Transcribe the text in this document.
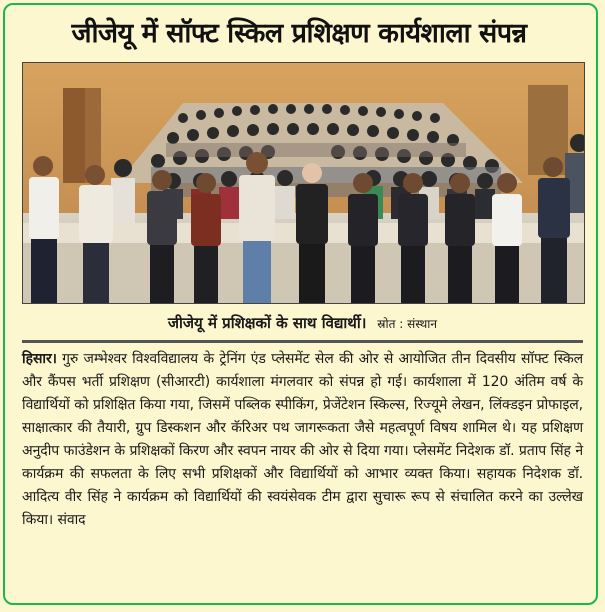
जीजेयू में सॉफ्ट स्किल प्रशिक्षण कार्यशाला संपन्न
जीजेयू में प्रशिक्षकों के साथ विद्यार्थी। स्रोत : संस्थान
हिसार। गुरु जम्भेश्वर विश्वविद्यालय के ट्रेनिंग एंड प्लेसमेंट सेल की ओर से आयोजित तीन दिवसीय सॉफ्ट स्किल और कैंपस भर्ती प्रशिक्षण (सीआरटी) कार्यशाला मंगलवार को संपन्न हो गई। कार्यशाला में 120 अंतिम वर्ष के विद्यार्थियों को प्रशिक्षित किया गया, जिसमें पब्लिक स्पीकिंग, प्रेजेंटेशन स्किल्स, रिज्यूमे लेखन, लिंक्डइन प्रोफाइल, साक्षात्कार की तैयारी, ग्रुप डिस्कशन और कॅरिअर पथ जागरूकता जैसे महत्वपूर्ण विषय शामिल थे। यह प्रशिक्षण अनुदीप फाउंडेशन के प्रशिक्षकों किरण और स्वपन नायर की ओर से दिया गया। प्लेसमेंट निदेशक डॉ. प्रताप सिंह ने कार्यक्रम की सफलता के लिए सभी प्रशिक्षकों और विद्यार्थियों को आभार व्यक्त किया। सहायक निदेशक डॉ. आदित्य वीर सिंह ने कार्यक्रम को विद्यार्थियों की स्वयंसेवक टीम द्वारा सुचारू रूप से संचालित करने का उल्लेख किया। संवाद
